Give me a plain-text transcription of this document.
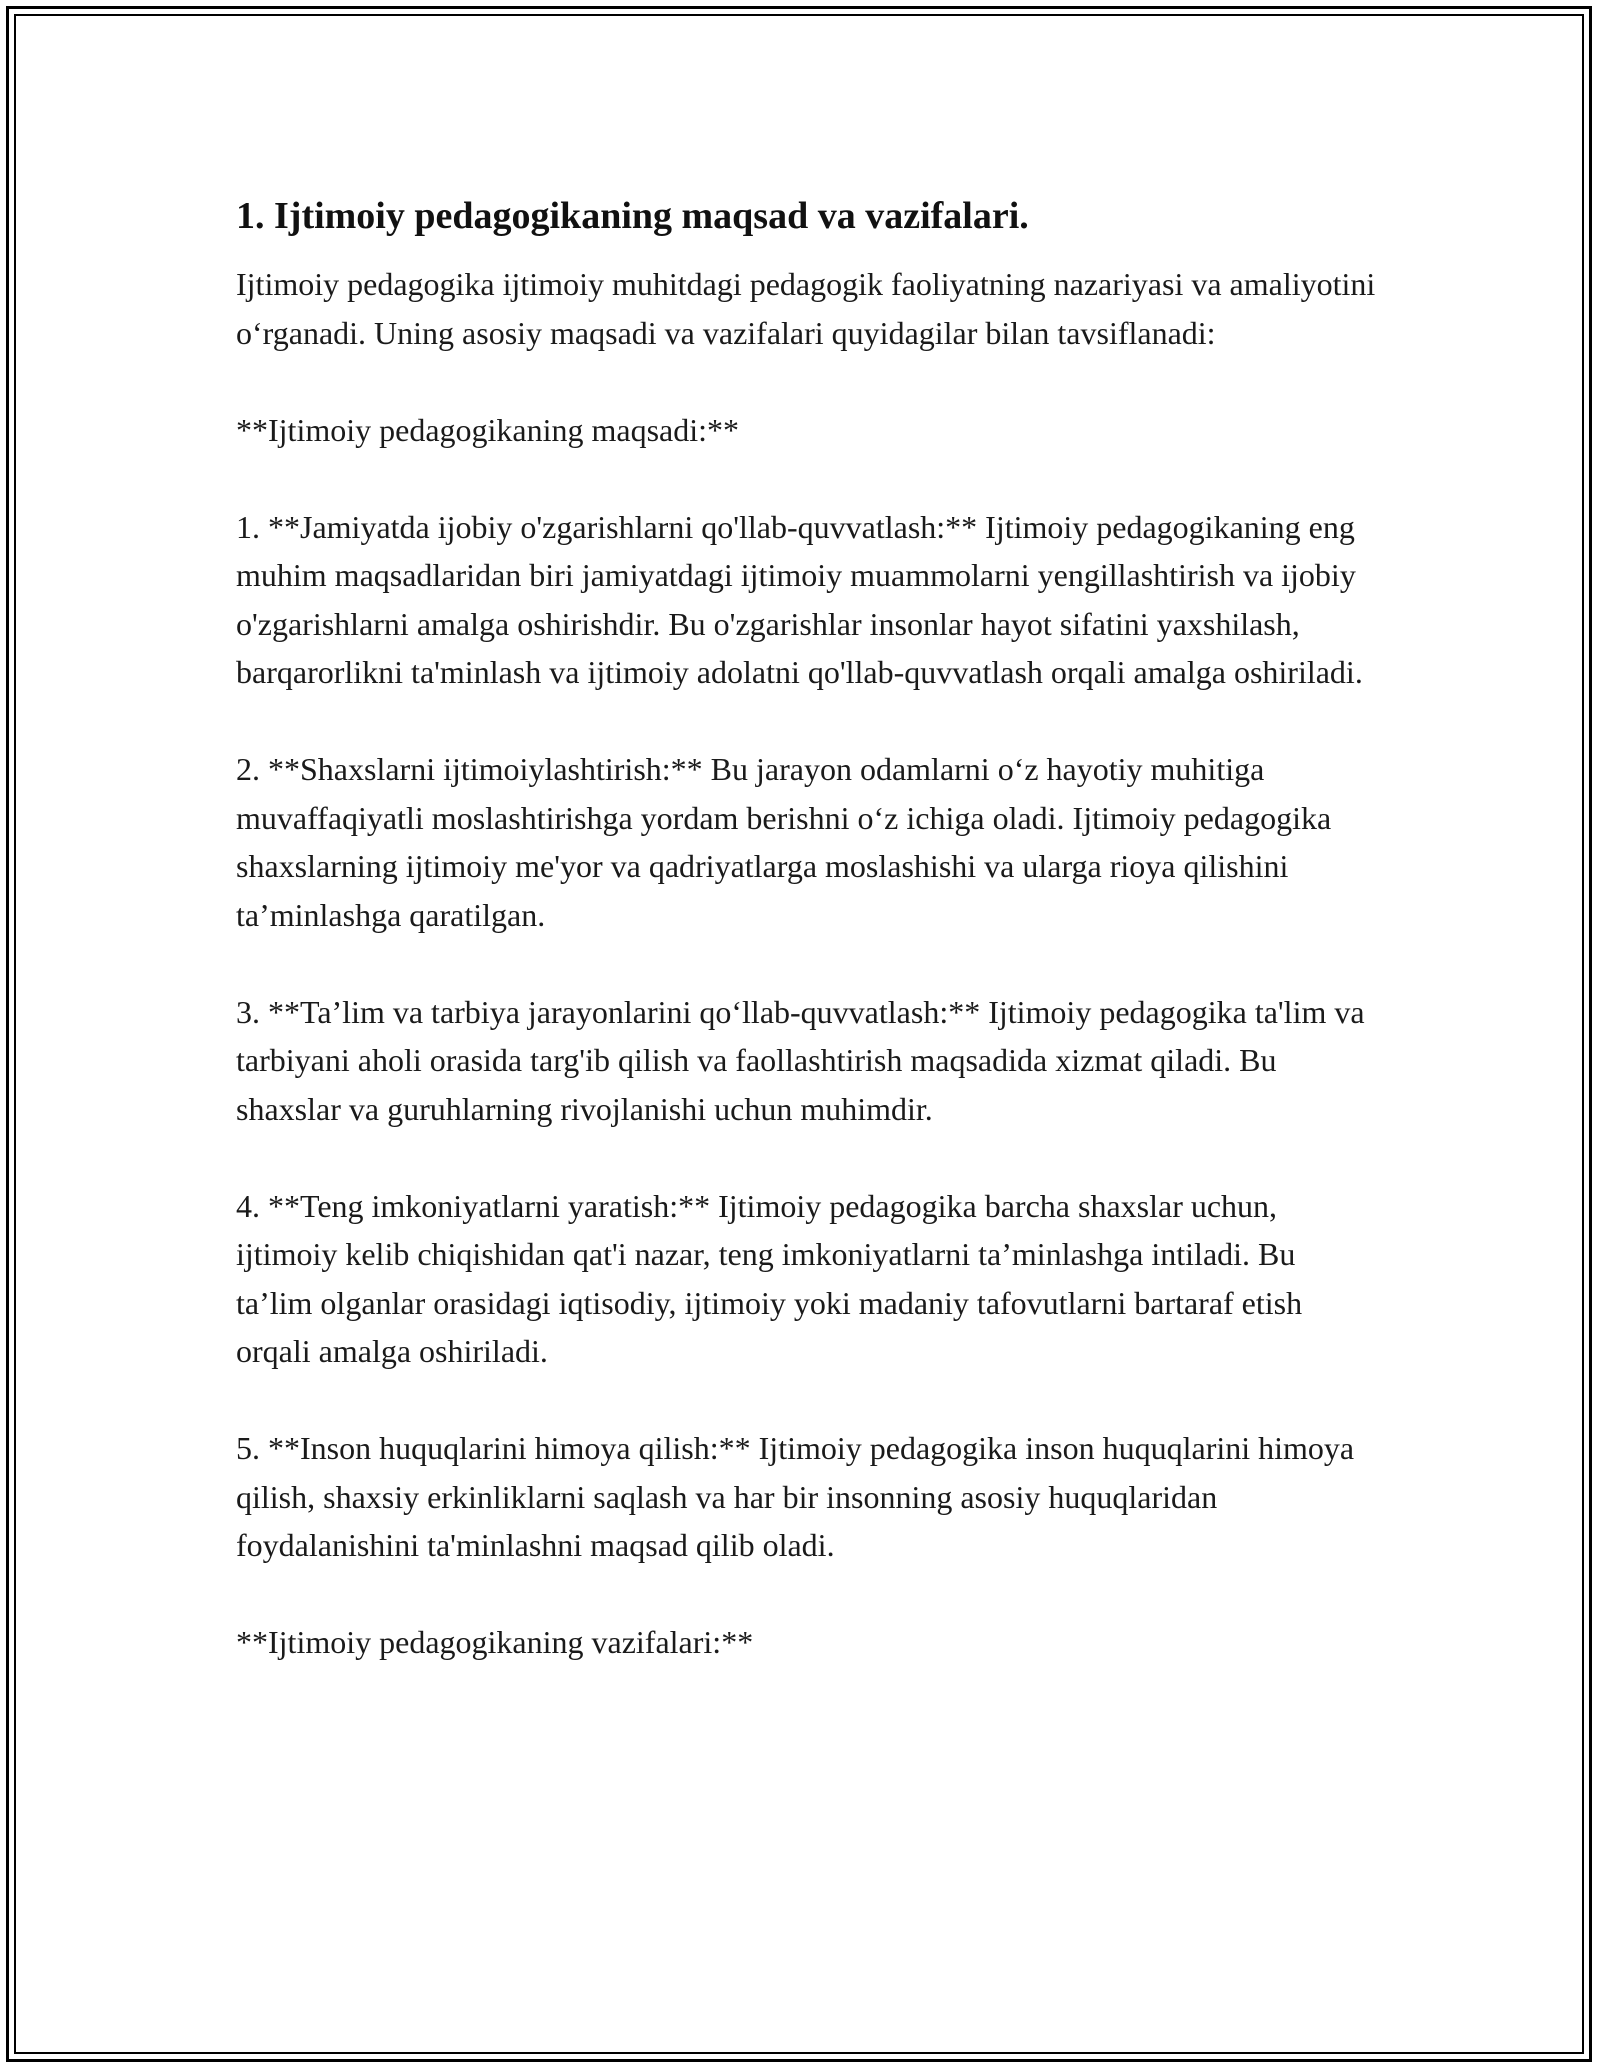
1. Ijtimoiy pedagogikaning maqsad va vazifalari.

Ijtimoiy pedagogika ijtimoiy muhitdagi pedagogik faoliyatning nazariyasi va amaliyotini o‘rganadi. Uning asosiy maqsadi va vazifalari quyidagilar bilan tavsiflanadi:

**Ijtimoiy pedagogikaning maqsadi:**

1. **Jamiyatda ijobiy o'zgarishlarni qo'llab-quvvatlash:** Ijtimoiy pedagogikaning eng muhim maqsadlaridan biri jamiyatdagi ijtimoiy muammolarni yengillashtirish va ijobiy o'zgarishlarni amalga oshirishdir. Bu o'zgarishlar insonlar hayot sifatini yaxshilash, barqarorlikni ta'minlash va ijtimoiy adolatni qo'llab-quvvatlash orqali amalga oshiriladi.

2. **Shaxslarni ijtimoiylashtirish:** Bu jarayon odamlarni o‘z hayotiy muhitiga muvaffaqiyatli moslashtirishga yordam berishni o‘z ichiga oladi. Ijtimoiy pedagogika shaxslarning ijtimoiy me'yor va qadriyatlarga moslashishi va ularga rioya qilishini ta’minlashga qaratilgan.

3. **Ta’lim va tarbiya jarayonlarini qo‘llab-quvvatlash:** Ijtimoiy pedagogika ta'lim va tarbiyani aholi orasida targ'ib qilish va faollashtirish maqsadida xizmat qiladi. Bu shaxslar va guruhlarning rivojlanishi uchun muhimdir.

4. **Teng imkoniyatlarni yaratish:** Ijtimoiy pedagogika barcha shaxslar uchun, ijtimoiy kelib chiqishidan qat'i nazar, teng imkoniyatlarni ta’minlashga intiladi. Bu ta’lim olganlar orasidagi iqtisodiy, ijtimoiy yoki madaniy tafovutlarni bartaraf etish orqali amalga oshiriladi.

5. **Inson huquqlarini himoya qilish:** Ijtimoiy pedagogika inson huquqlarini himoya qilish, shaxsiy erkinliklarni saqlash va har bir insonning asosiy huquqlaridan foydalanishini ta'minlashni maqsad qilib oladi.

**Ijtimoiy pedagogikaning vazifalari:**
